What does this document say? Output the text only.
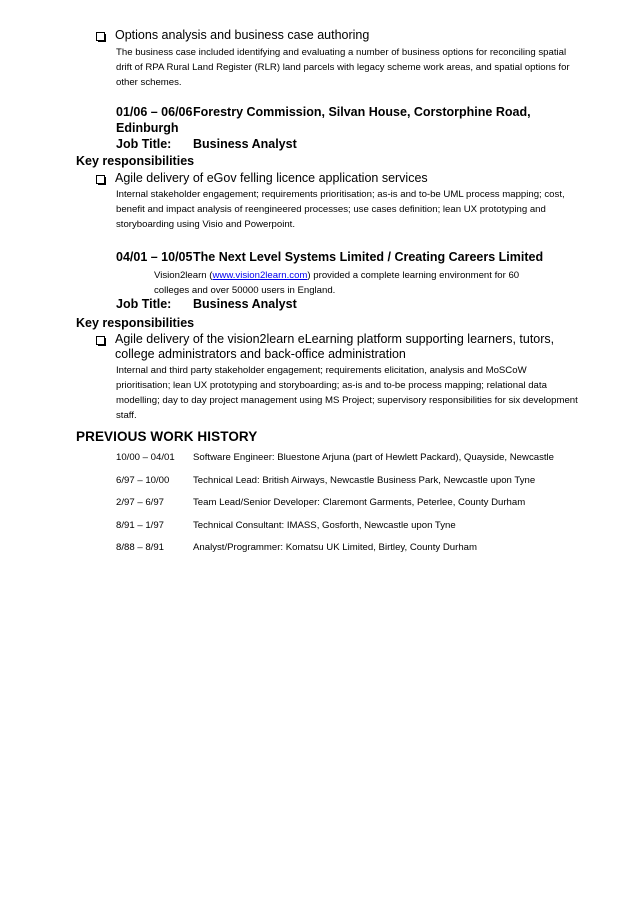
Options analysis and business case authoring
The business case included identifying and evaluating a number of business options for reconciling spatial drift of RPA Rural Land Register (RLR) land parcels with legacy scheme work areas, and spatial options for other schemes.
01/06 – 06/06Forestry Commission, Silvan House, Corstorphine Road,
Edinburgh
Job Title: Business Analyst
Key responsibilities
Agile delivery of eGov felling licence application services
Internal stakeholder engagement; requirements prioritisation; as-is and to-be UML process mapping; cost, benefit and impact analysis of reengineered processes; use cases definition; lean UX prototyping and storyboarding using Visio and Powerpoint.
04/01 – 10/05The Next Level Systems Limited / Creating Careers Limited
Vision2learn (www.vision2learn.com) provided a complete learning environment for 60 colleges and over 50000 users in England.
Job Title: Business Analyst
Key responsibilities
Agile delivery of the vision2learn eLearning platform supporting learners, tutors,
college administrators and back-office administration
Internal and third party stakeholder engagement; requirements elicitation, analysis and MoSCoW prioritisation; lean UX prototyping and storyboarding; as-is and to-be process mapping; relational data modelling; day to day project management using MS Project; supervisory responsibilities for six development staff.
PREVIOUS WORK HISTORY
10/00 – 04/01	Software Engineer: Bluestone Arjuna (part of Hewlett Packard), Quayside, Newcastle
6/97 – 10/00	Technical Lead: British Airways, Newcastle Business Park, Newcastle upon Tyne
2/97 – 6/97	Team Lead/Senior Developer: Claremont Garments, Peterlee, County Durham
8/91 – 1/97	Technical Consultant: IMASS, Gosforth, Newcastle upon Tyne
8/88 – 8/91	Analyst/Programmer: Komatsu UK Limited, Birtley, County Durham
